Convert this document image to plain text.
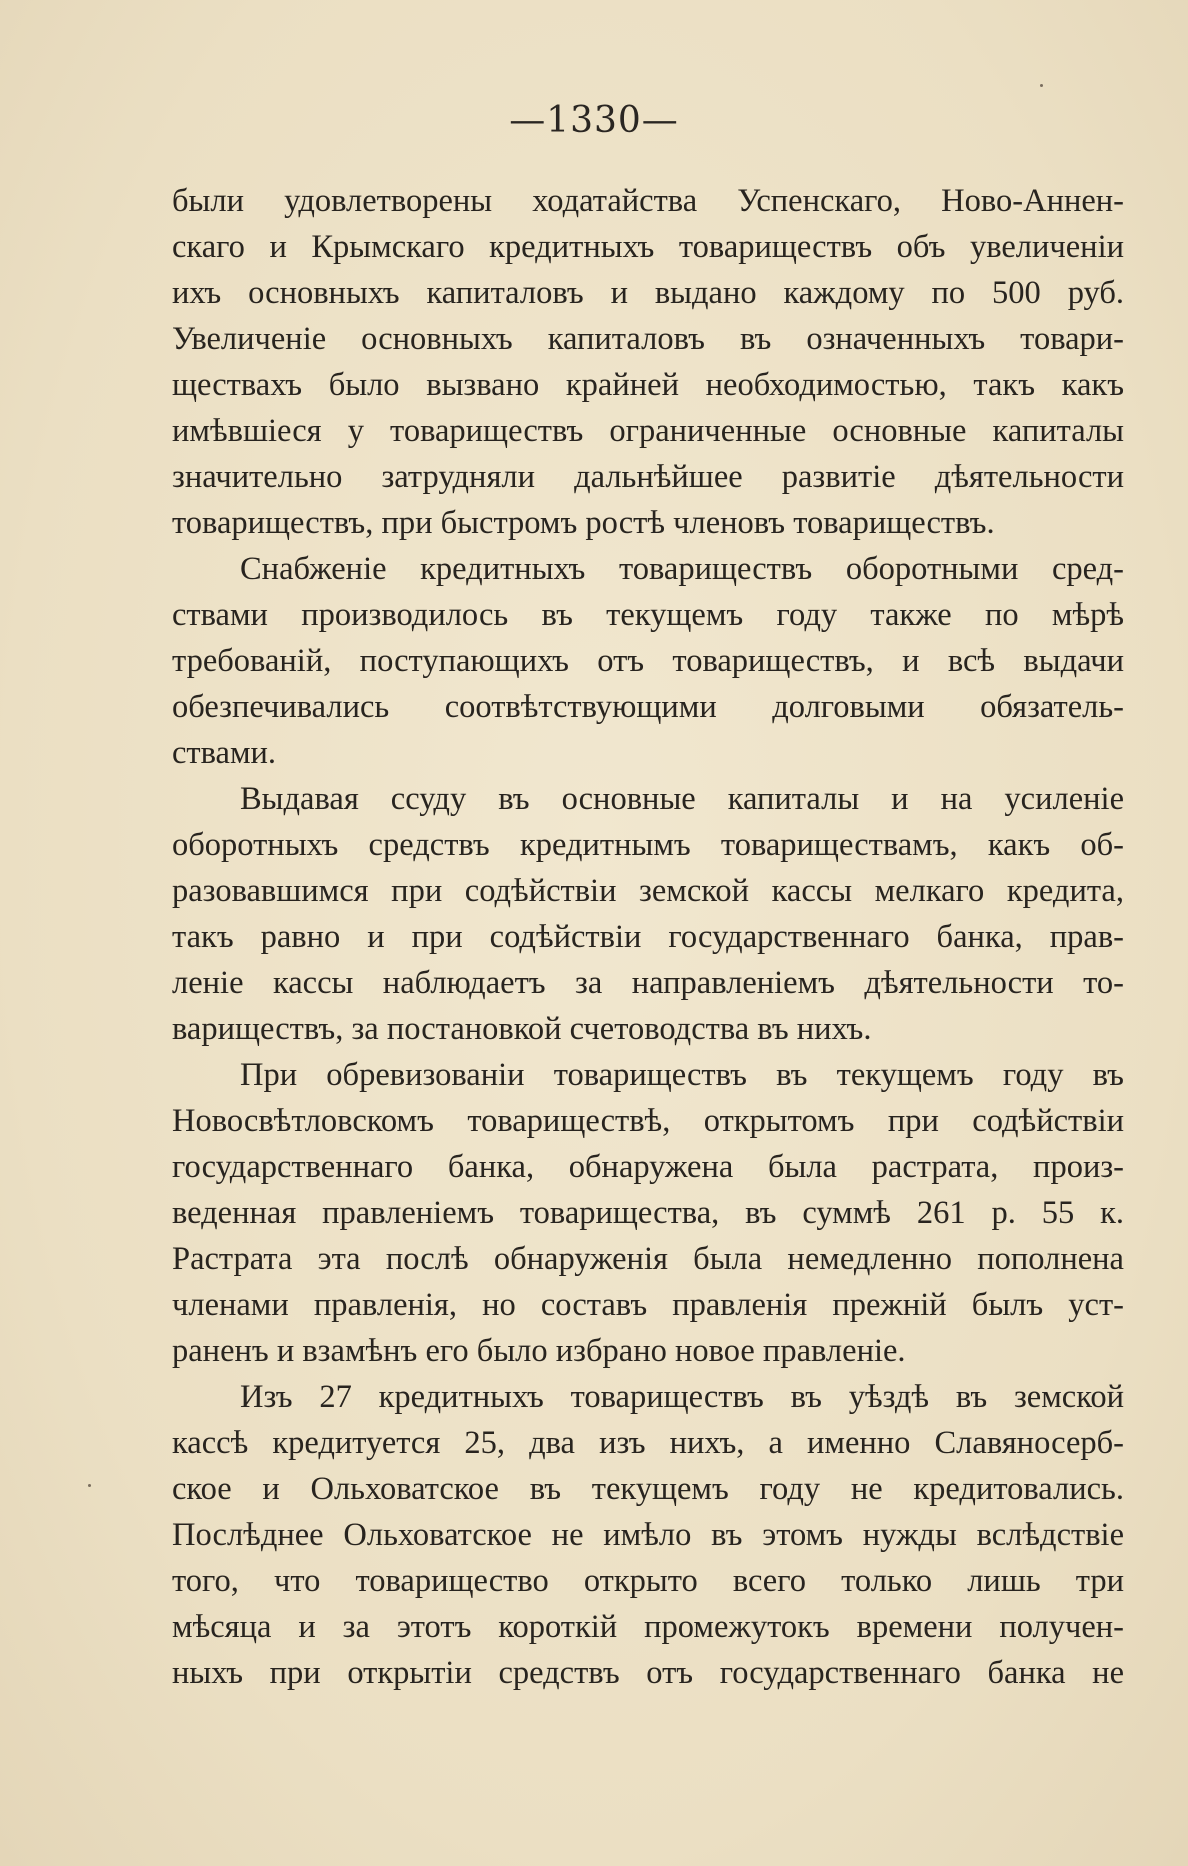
—1330—
были удовлетворены ходатайства Успенскаго, Ново-Аннен-
скаго и Крымскаго кредитныхъ товариществъ объ увеличенiи
ихъ основныхъ капиталовъ и выдано каждому по 500 руб.
Увеличенiе основныхъ капиталовъ въ означенныхъ товари-
ществахъ было вызвано крайней необходимостью, такъ какъ
имѣвшiеся у товариществъ ограниченные основные капиталы
значительно затрудняли дальнѣйшее развитiе дѣятельности
товариществъ, при быстромъ ростѣ членовъ товариществъ.
Снабженiе кредитныхъ товариществъ оборотными сред-
ствами производилось въ текущемъ году также по мѣрѣ
требованiй, поступающихъ отъ товариществъ, и всѣ выдачи
обезпечивались соотвѣтствующими долговыми обязатель-
ствами.
Выдавая ссуду въ основные капиталы и на усиленiе
оборотныхъ средствъ кредитнымъ товариществамъ, какъ об-
разовавшимся при содѣйствiи земской кассы мелкаго кредита,
такъ равно и при содѣйствiи государственнаго банка, прав-
ленiе кассы наблюдаетъ за направленiемъ дѣятельности то-
вариществъ, за постановкой счетоводства въ нихъ.
При обревизованiи товариществъ въ текущемъ году въ
Новосвѣтловскомъ товариществѣ, открытомъ при содѣйствiи
государственнаго банка, обнаружена была растрата, произ-
веденная правленiемъ товарищества, въ суммѣ 261 р. 55 к.
Растрата эта послѣ обнаруженiя была немедленно пополнена
членами правленiя, но составъ правленiя прежнiй былъ уст-
раненъ и взамѣнъ его было избрано новое правленiе.
Изъ 27 кредитныхъ товариществъ въ уѣздѣ въ земской
кассѣ кредитуется 25, два изъ нихъ, а именно Славяносерб-
ское и Ольховатское въ текущемъ году не кредитовались.
Послѣднее Ольховатское не имѣло въ этомъ нужды вслѣдствiе
того, что товарищество открыто всего только лишь три
мѣсяца и за этотъ короткiй промежутокъ времени получен-
ныхъ при открытiи средствъ отъ государственнаго банка не
